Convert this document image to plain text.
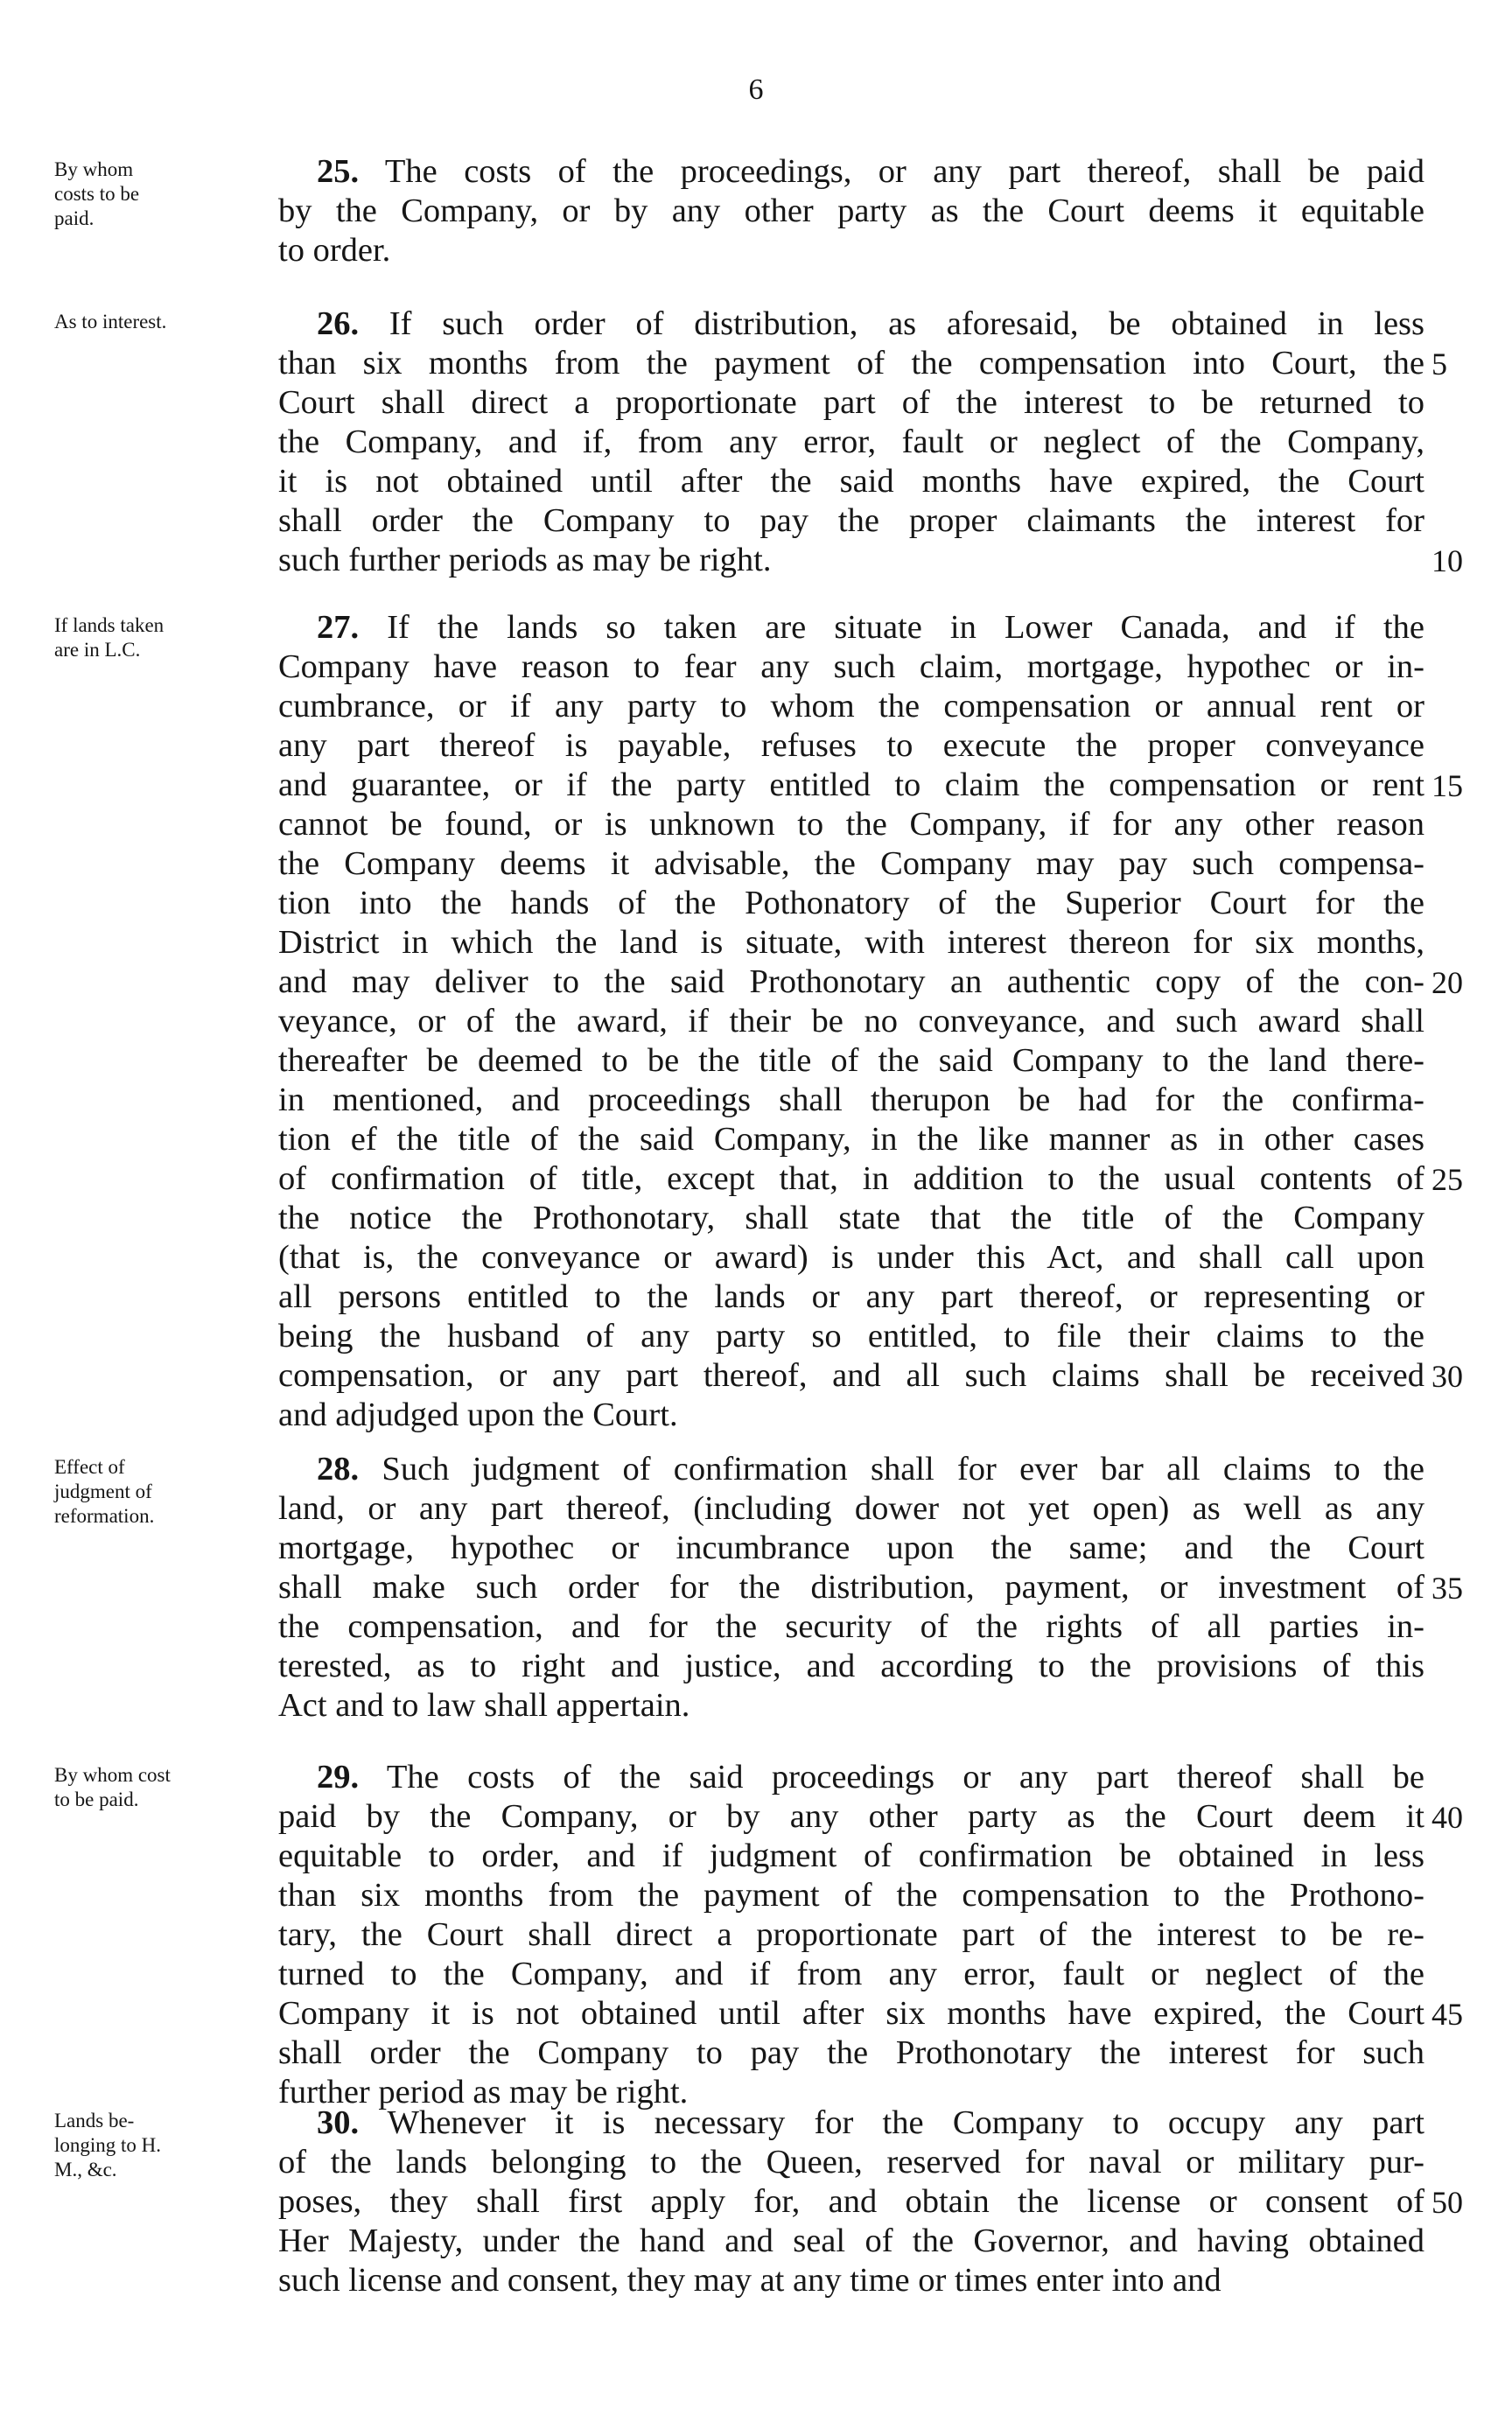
6
By whom
costs to be
paid.
25. The costs of the proceedings, or any part thereof, shall be paid
by the Company, or by any other party as the Court deems it equitable
to order.
As to interest.	26. If such order of distribution, as aforesaid, be obtained in less
than six months from the payment of the compensation into Court, the 5
Court shall direct a proportionate part of the interest to be returned to
the Company, and if, from any error, fault or neglect of the Company,
it is not obtained until after the said months have expired, the Court
shall order the Company to pay the proper claimants the interest for
such further periods as may be right.	10
If lands taken
are in L.C.
27. If the lands so taken are situate in Lower Canada, and if the
Company have reason to fear any such claim, mortgage, hypothec or in-
cumbrance, or if any party to whom the compensation or annual rent or
any part thereof is payable, refuses to execute the proper conveyance
and guarantee, or if the party entitled to claim the compensation or rent 15
cannot be found, or is unknown to the Company, if for any other reason
the Company deems it advisable, the Company may pay such compensa-
tion into the hands of the Pothonatory of the Superior Court for the
District in which the land is situate, with interest thereon for six months,
and may deliver to the said Prothonotary an authentic copy of the con- 20
veyance, or of the award, if their be no conveyance, and such award shall
thereafter be deemed to be the title of the said Company to the land there-
in mentioned, and proceedings shall therupon be had for the confirma-
tion ef the title of the said Company, in the like manner as in other cases
of confirmation of title, except that, in addition to the usual contents of 25
the notice the Prothonotary, shall state that the title of the Company
(that is, the conveyance or award) is under this Act, and shall call upon
all persons entitled to the lands or any part thereof, or representing or
being the husband of any party so entitled, to file their claims to the
compensation, or any part thereof, and all such claims shall be received 30
and adjudged upon the Court.
Effect of
judgment of
reformation.
28. Such judgment of confirmation shall for ever bar all claims to the
land, or any part thereof, (including dower not yet open) as well as any
mortgage, hypothec or incumbrance upon the same; and the Court
shall make such order for the distribution, payment, or investment of 35
the compensation, and for the security of the rights of all parties in-
terested, as to right and justice, and according to the provisions of this
Act and to law shall appertain.
By whom cost
to be paid.
29. The costs of the said proceedings or any part thereof shall be
paid by the Company, or by any other party as the Court deem it 40
equitable to order, and if judgment of confirmation be obtained in less
than six months from the payment of the compensation to the Prothono-
tary, the Court shall direct a proportionate part of the interest to be re-
turned to the Company, and if from any error, fault or neglect of the
Company it is not obtained until after six months have expired, the Court 45
shall order the Company to pay the Prothonotary the interest for such
further period as may be right.
Lands be-
longing to H.
M., &c.
30. Whenever it is necessary for the Company to occupy any part
of the lands belonging to the Queen, reserved for naval or military pur-
poses, they shall first apply for, and obtain the license or consent of 50
Her Majesty, under the hand and seal of the Governor, and having obtained
such license and consent, they may at any time or times enter into and
